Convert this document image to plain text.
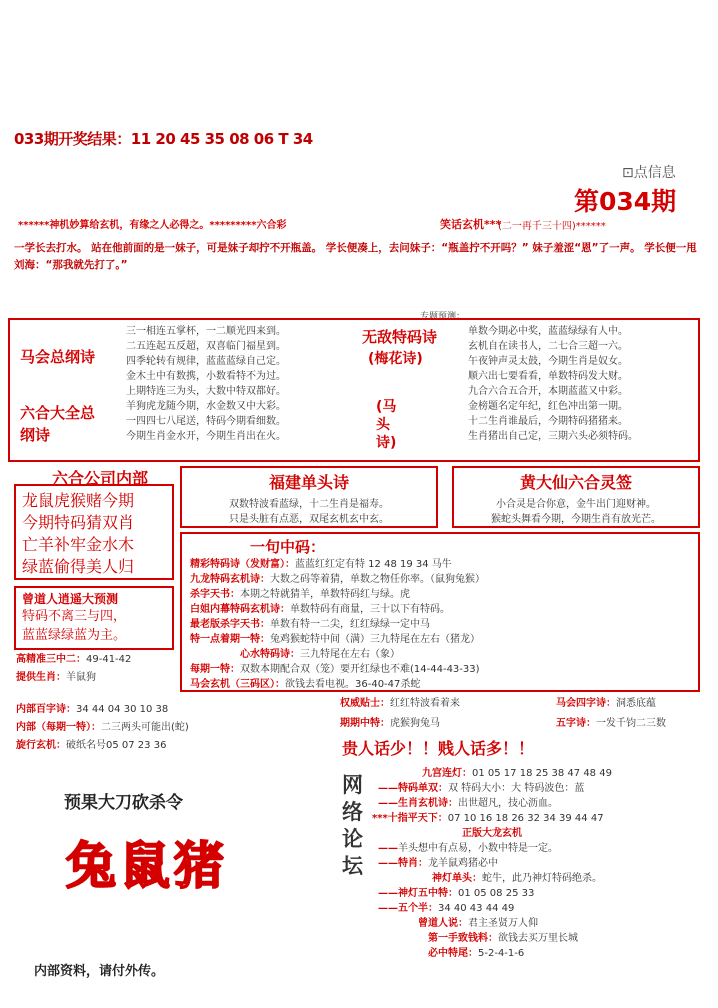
033期开奖结果：11 20 45 35 08 06 T 34
⊡点信息
第034期
******神机妙算给玄机，有缘之人必得之。*********六合彩	笑话玄机***
(二一再千三十四)******
一学长去打水。 站在他前面的是一妹子，可是妹子却拧不开瓶盖。 学长便凑上，去问妹子：“瓶盖拧不开吗？” 妹子羞涩“恩”了一声。 学长便一甩刘海：“那我就先打了。”
专题预测：
马会总纲诗
六合大全总纲诗
三一相连五掌杯，一二顺光四来到。
二五连起五反超，双喜临门福星到。
四季轮转有规律，蓝蓝蓝绿自己定。
金木土中有数携，小数看特不为过。
上期特连三为头，大数中特双都好。
羊狗虎龙随今期，水金数又中大彩。
一四四七八尾送，特码今期看细数。
今期生肖金水开，今期生肖出在火。
无敌特码诗
(梅花诗)
(马头诗)
单数今期必中奖，蓝蓝绿绿有人中。
玄机自在读书人，二七合三超一六。
午夜钟声灵太鼓，今期生肖是奴女。
顺六出七要看看，单数特码发大财。
九合六合五合开，本期蓝蓝又中彩。
金榜题名定年纪，红色冲出第一期。
十二生肖谁最后，今期特码猪猪来。
生肖猪出自己定，三期六头必须特码。
六合公司内部
龙鼠虎猴赌今期
今期特码猜双肖
亡羊补牢金水木
绿蓝偷得美人归
福建单头诗
双数特波看蓝绿，十二生肖是福寿。
只是头脏有点恶，双尾玄机玄中玄。
黄大仙六合灵签
小合灵是合你意，金牛出门迎财神。
猴蛇头舞看今期，今期生肖有放光芒。
一句中码：
精彩特码诗（发财富）：蓝蓝红红定有特 12 48 19 34 马牛
九龙特码玄机诗：大数之码等着猜，单数之物任你率。（鼠狗兔猴）
杀字天书：本期之特就猜羊，单数特码红与绿。虎
白姐内幕特码玄机诗：单数特码有商量，三十以下有特码。
最老版杀字天书：单数有特一二尖，红红绿绿一定中马
特一点着期一特：兔鸡猴蛇特中间（满）三九特尾在左右（猪龙）
心水特码诗：三九特尾在左右（象）
每期一特：双数本期配合双（笼）要开红绿也不难(14-44-43-33)
马会玄机（三码区）：欲钱去看电视。36-40-47杀蛇
曾道人逍遥大预测
特码不离三与四，
蓝蓝绿绿蓝为主。
高精准三中二：49-41-42
提供生肖：羊鼠狗
权威贴士：红红特波看着来
期期中特：虎猴狗兔马
马会四字诗：洞悉底蕴
五字诗：一发千钧二三数
贵人话少！！贱人话多！！
内部百字诗：34 44 04 30 10 38
内部（每期一特）：二三两头可能出(蛇)
旋行玄机：破纸名号05 07 23 36
预果大刀砍杀令
兔鼠猪
内部资料，请付外传。
网
络
论
坛
九宫连灯：01 05 17 18 25 38 47 48 49
——特码单双：双 特码大小：大 特码波色：蓝
——生肖玄机诗：出世超凡，技心沥血。
***十指平天下：07 10 16 18 26 32 34 39 44 47
正版大龙玄机
——羊头想中有点易，小数中特是一定。
——特肖：龙羊鼠鸡猪必中
神灯单头：蛇牛，此乃神灯特码绝杀。
——神灯五中特：01 05 08 25 33
——五个半：34 40 43 44 49
曾道人说：君主圣贤万人仰
第一手致钱料：欲钱去买万里长城
必中特尾：5-2-4-1-6
